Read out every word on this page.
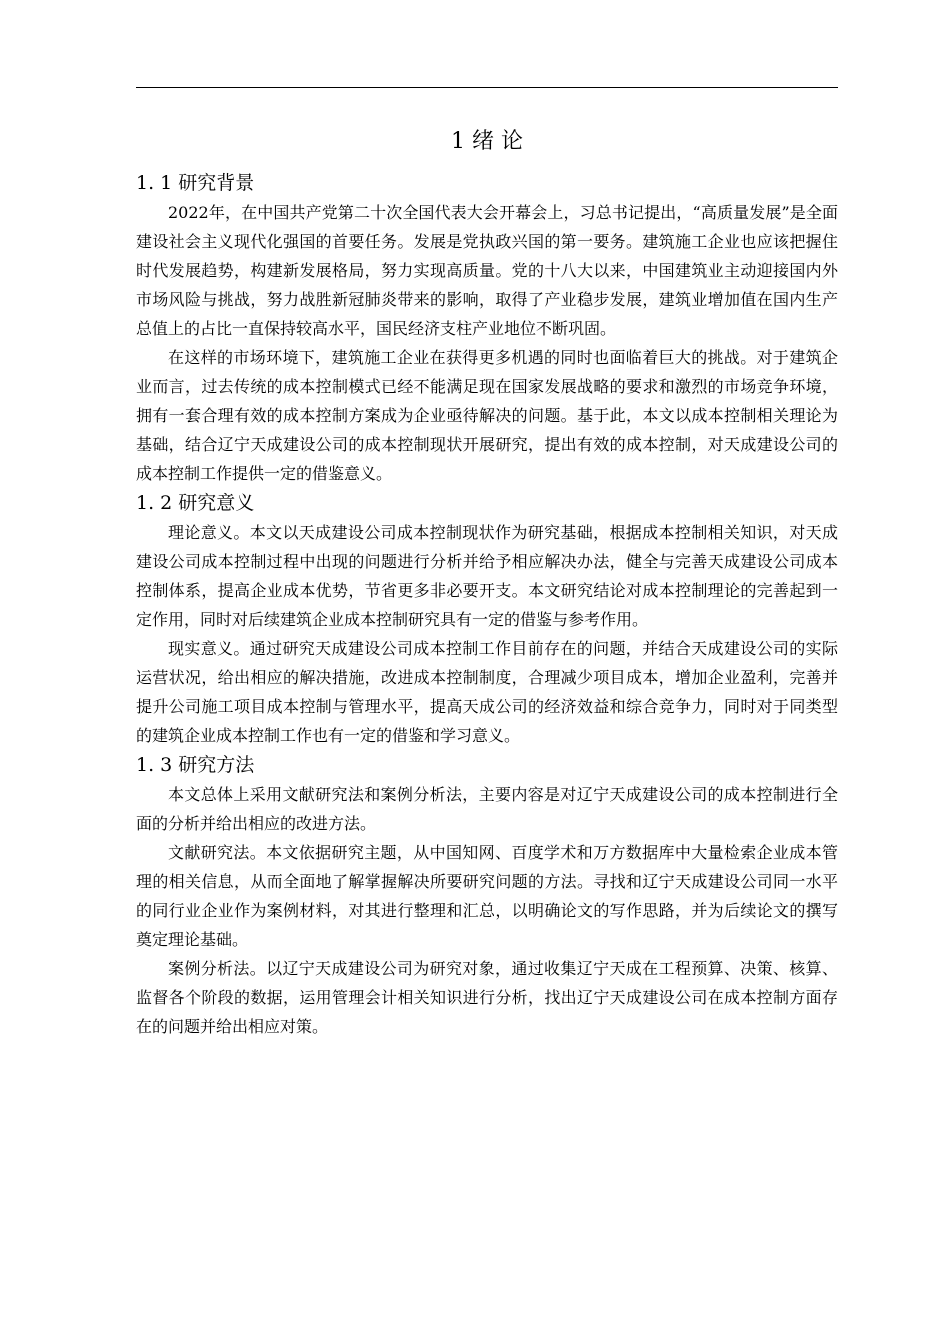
1 绪 论
1. 1 研究背景

2022年，在中国共产党第二十次全国代表大会开幕会上，习总书记提出，“高质量发展”是全面建设社会主义现代化强国的首要任务。发展是党执政兴国的第一要务。建筑施工企业也应该把握住时代发展趋势，构建新发展格局，努力实现高质量。党的十八大以来，中国建筑业主动迎接国内外市场风险与挑战，努力战胜新冠肺炎带来的影响，取得了产业稳步发展，建筑业增加值在国内生产总值上的占比一直保持较高水平，国民经济支柱产业地位不断巩固。

在这样的市场环境下，建筑施工企业在获得更多机遇的同时也面临着巨大的挑战。对于建筑企业而言，过去传统的成本控制模式已经不能满足现在国家发展战略的要求和激烈的市场竞争环境，拥有一套合理有效的成本控制方案成为企业亟待解决的问题。基于此，本文以成本控制相关理论为基础，结合辽宁天成建设公司的成本控制现状开展研究，提出有效的成本控制，对天成建设公司的成本控制工作提供一定的借鉴意义。

1. 2 研究意义

理论意义。本文以天成建设公司成本控制现状作为研究基础，根据成本控制相关知识，对天成建设公司成本控制过程中出现的问题进行分析并给予相应解决办法，健全与完善天成建设公司成本控制体系，提高企业成本优势，节省更多非必要开支。本文研究结论对成本控制理论的完善起到一定作用，同时对后续建筑企业成本控制研究具有一定的借鉴与参考作用。

现实意义。通过研究天成建设公司成本控制工作目前存在的问题，并结合天成建设公司的实际运营状况，给出相应的解决措施，改进成本控制制度，合理减少项目成本，增加企业盈利，完善并提升公司施工项目成本控制与管理水平，提高天成公司的经济效益和综合竞争力，同时对于同类型的建筑企业成本控制工作也有一定的借鉴和学习意义。

1. 3 研究方法

本文总体上采用文献研究法和案例分析法，主要内容是对辽宁天成建设公司的成本控制进行全面的分析并给出相应的改进方法。

文献研究法。本文依据研究主题，从中国知网、百度学术和万方数据库中大量检索企业成本管理的相关信息，从而全面地了解掌握解决所要研究问题的方法。寻找和辽宁天成建设公司同一水平的同行业企业作为案例材料，对其进行整理和汇总，以明确论文的写作思路，并为后续论文的撰写奠定理论基础。

案例分析法。以辽宁天成建设公司为研究对象，通过收集辽宁天成在工程预算、决策、核算、监督各个阶段的数据，运用管理会计相关知识进行分析，找出辽宁天成建设公司在成本控制方面存在的问题并给出相应对策。
